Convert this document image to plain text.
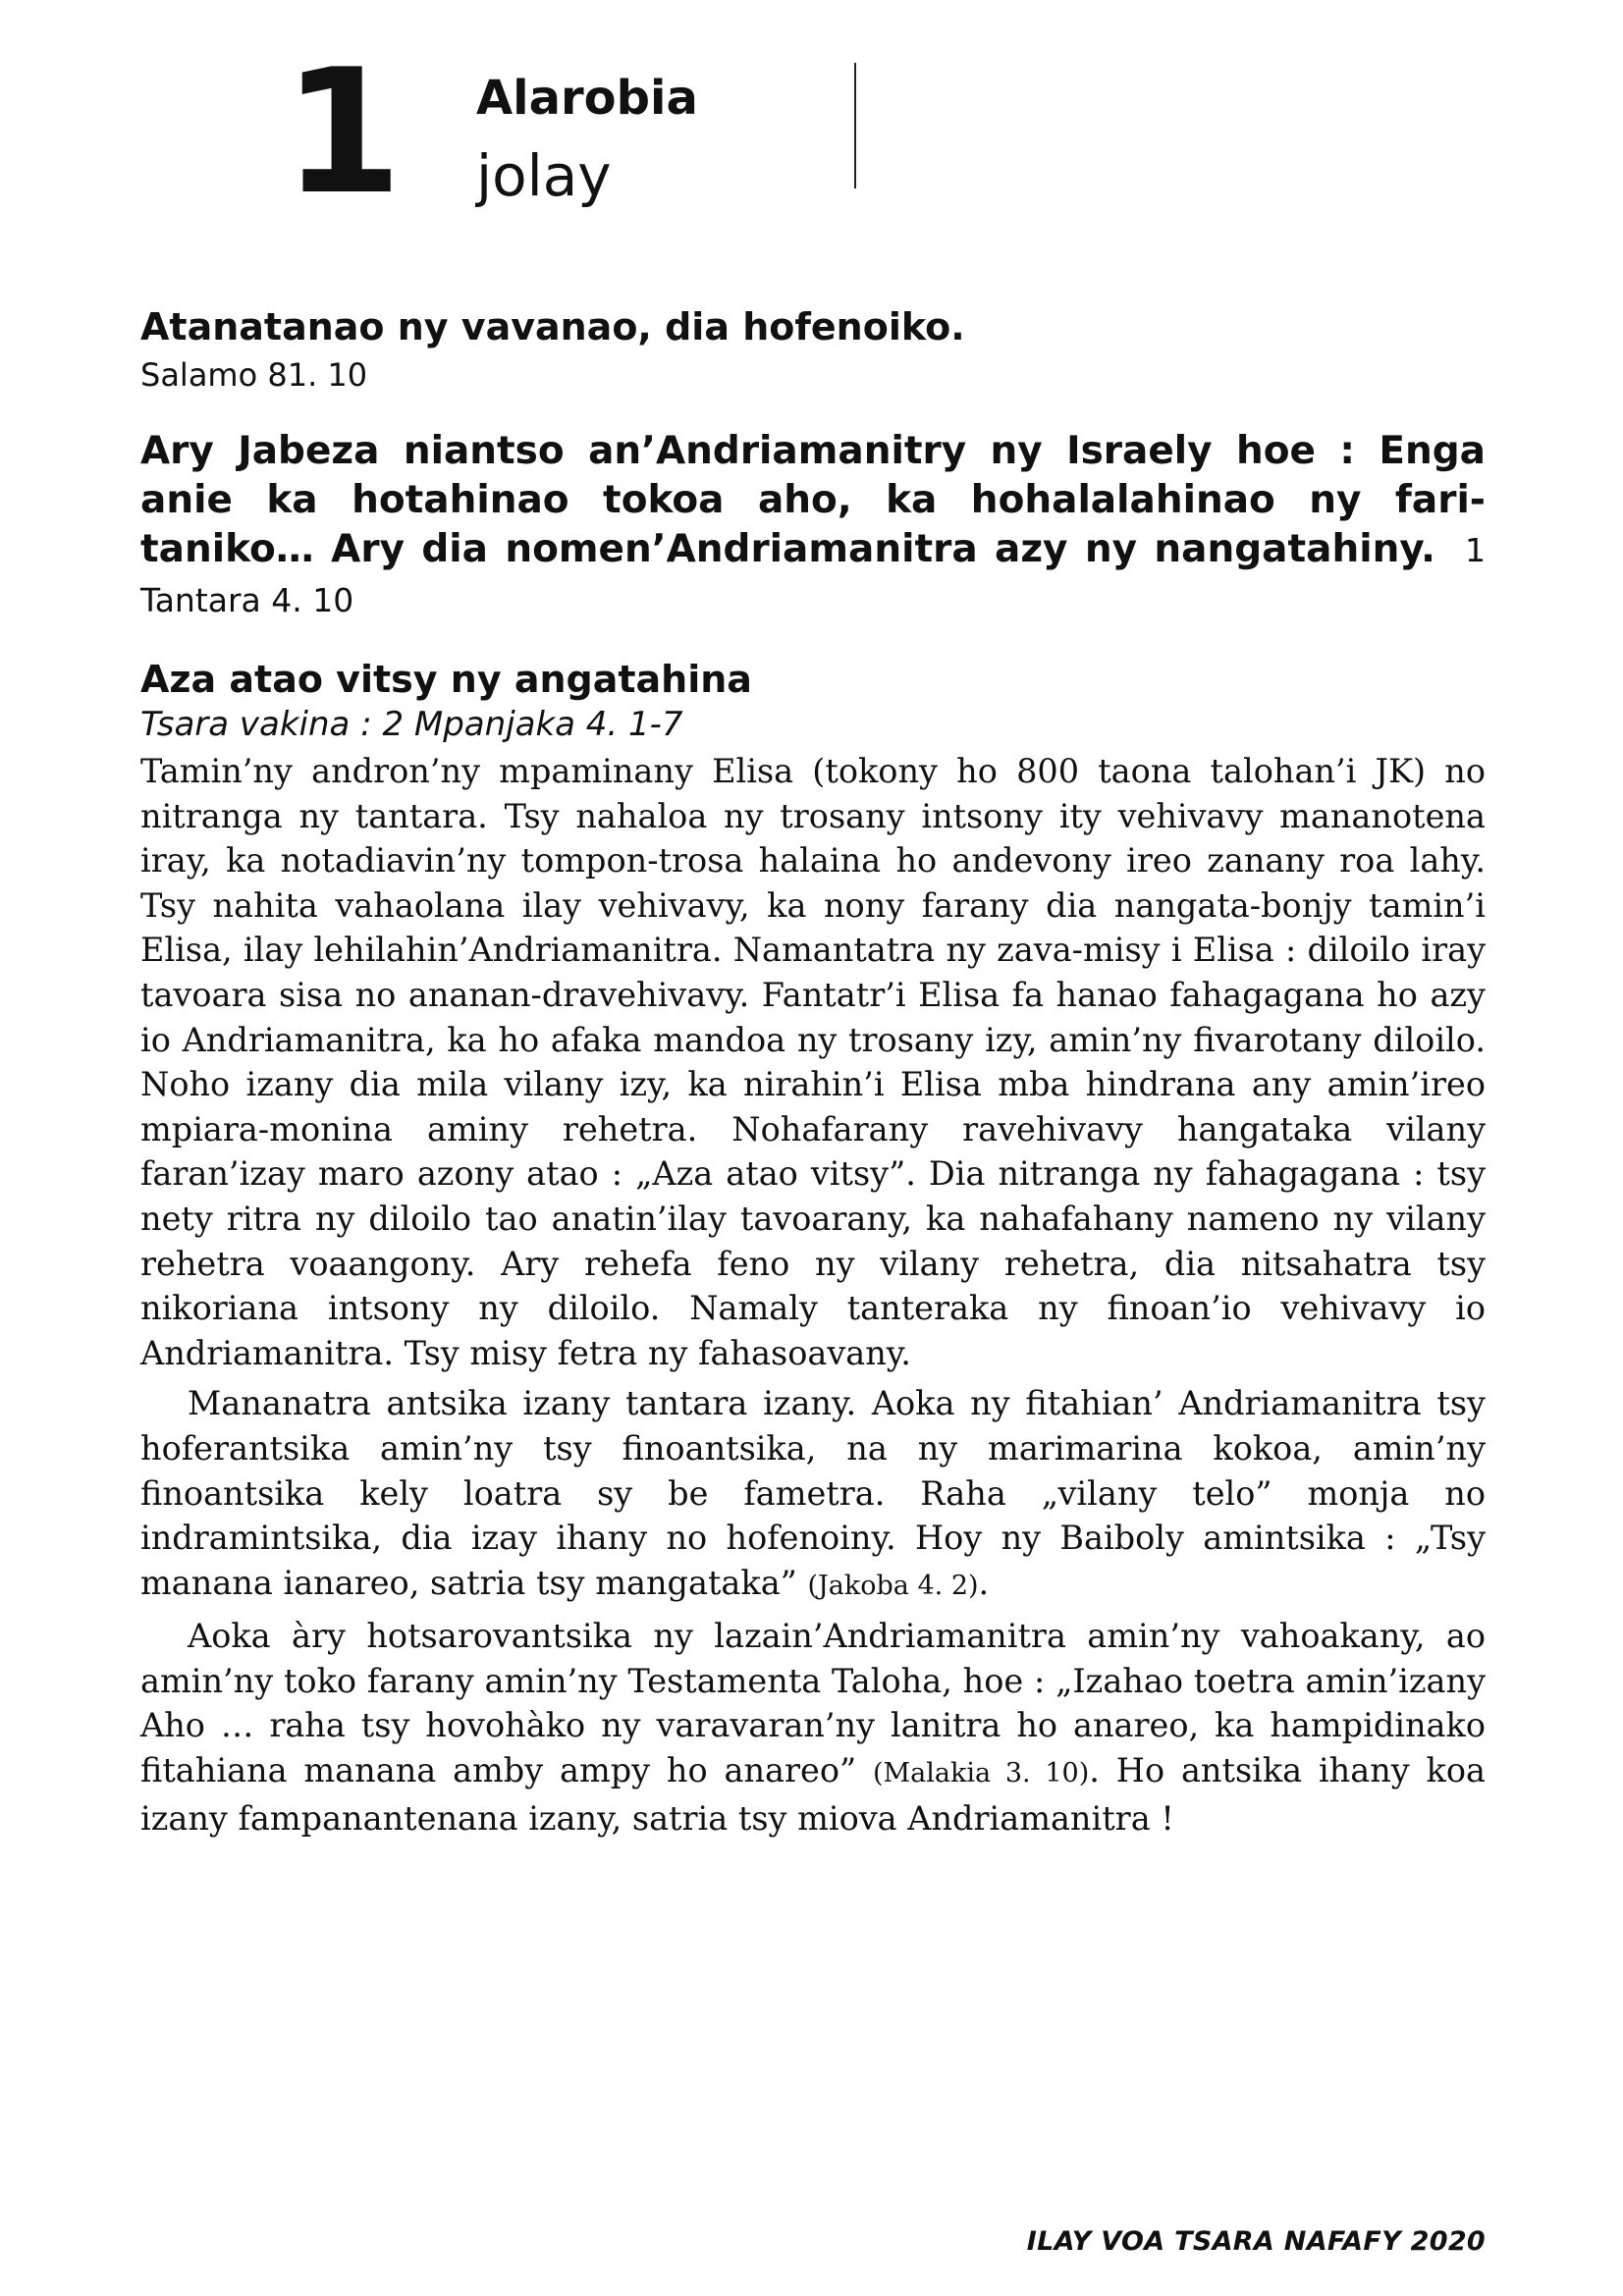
1 Alarobia
jolay
Atanatanao ny vavanao, dia hofenoiko.
Salamo 81. 10
Ary Jabeza niantso an’Andriamanitry ny Israely hoe : Enga anie ka hotahinao tokoa aho, ka hohalalahinao ny fari-taniko… Ary dia nomen’Andriamanitra azy ny nangatahiny. 1 Tantara 4. 10
Aza atao vitsy ny angatahina
Tsara vakina : 2 Mpanjaka 4. 1-7

Tamin’ny andron’ny mpaminany Elisa (tokony ho 800 taona talohan’i JK) no nitranga ny tantara. Tsy nahaloa ny trosany intsony ity vehivavy mananotena iray, ka notadiavin’ny tompon-trosa halaina ho andevony ireo zanany roa lahy. Tsy nahita vahaolana ilay vehivavy, ka nony farany dia nangata-bonjy tamin’i Elisa, ilay lehilahin’Andriamanitra. Namantatra ny zava-misy i Elisa : diloilo iray tavoara sisa no ananan-dravehivavy. Fantatr’i Elisa fa hanao fahagagana ho azy io Andriamanitra, ka ho afaka mandoa ny trosany izy, amin’ny fivarotany diloilo. Noho izany dia mila vilany izy, ka nirahin’i Elisa mba hindrana any amin’ireo mpiara-monina aminy rehetra. Nohafarany ravehivavy hangataka vilany faran’izay maro azony atao : „Aza atao vitsy”. Dia nitranga ny fahagagana : tsy nety ritra ny diloilo tao anatin’ilay tavoarany, ka nahafahany nameno ny vilany rehetra voaangony. Ary rehefa feno ny vilany rehetra, dia nitsahatra tsy nikoriana intsony ny diloilo. Namaly tanteraka ny finoan’io vehivavy io Andriamanitra. Tsy misy fetra ny fahasoavany.

Mananatra antsika izany tantara izany. Aoka ny fitahian’ Andriamanitra tsy hoferantsika amin’ny tsy finoantsika, na ny marimarina kokoa, amin’ny finoantsika kely loatra sy be fametra. Raha „vilany telo” monja no indramintsika, dia izay ihany no hofenoiny. Hoy ny Baiboly amintsika : „Tsy manana ianareo, satria tsy mangataka” (Jakoba 4. 2).

Aoka àry hotsarovantsika ny lazain’Andriamanitra amin’ny vahoakany, ao amin’ny toko farany amin’ny Testamenta Taloha, hoe : „Izahao toetra amin’izany Aho … raha tsy hovohàko ny varavaran’ny lanitra ho anareo, ka hampidinako fitahiana manana amby ampy ho anareo” (Malakia 3. 10). Ho antsika ihany koa izany fampanantenana izany, satria tsy miova Andriamanitra !

ILAY VOA TSARA NAFAFY 2020
